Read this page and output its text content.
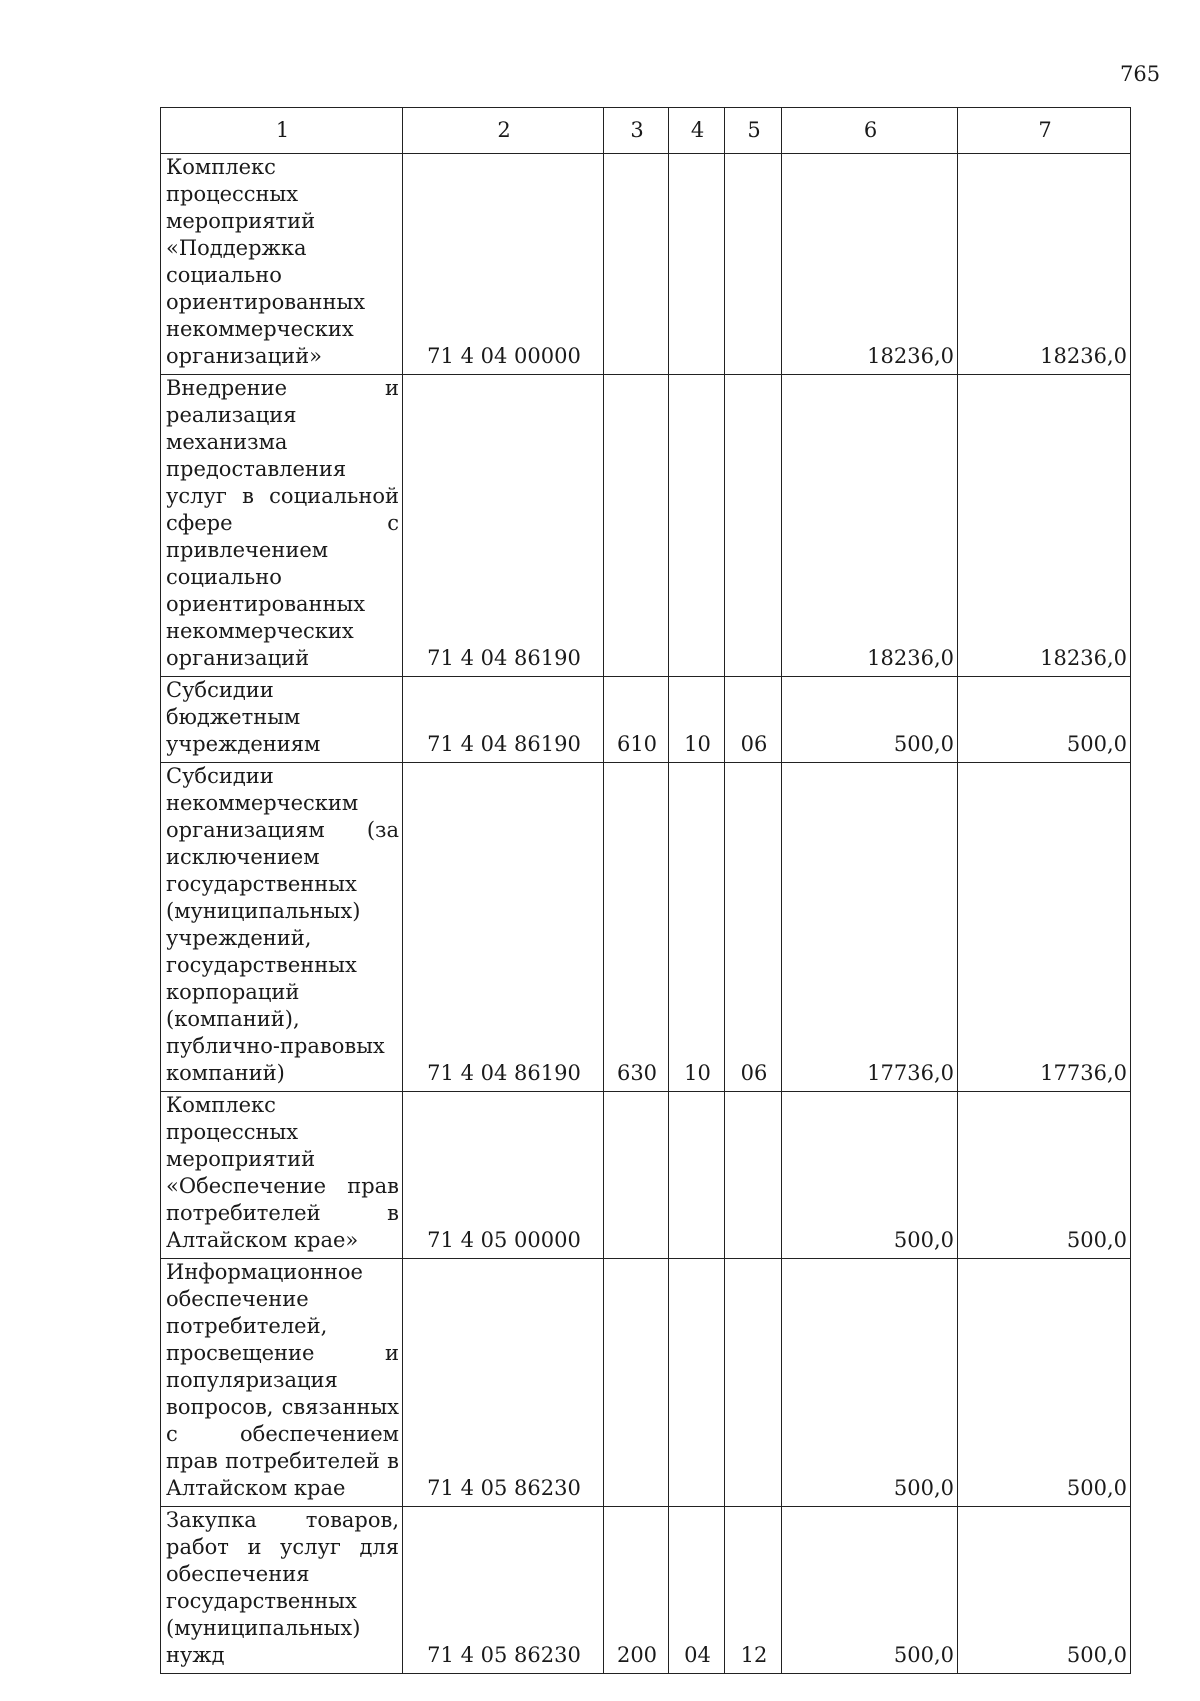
765
1	2	3	4	5	6	7
Комплекс процессных мероприятий «Поддержка социально ориентированных некоммерческих организаций»	71 4 04 00000				18236,0	18236,0
Внедрение и реализация механизма предоставления услуг в социальной сфере с привлечением социально ориентированных некоммерческих организаций	71 4 04 86190				18236,0	18236,0
Субсидии бюджетным учреждениям	71 4 04 86190	610	10	06	500,0	500,0
Субсидии некоммерческим организациям (за исключением государственных (муниципальных) учреждений, государственных корпораций (компаний), публично-правовых компаний)	71 4 04 86190	630	10	06	17736,0	17736,0
Комплекс процессных мероприятий «Обеспечение прав потребителей в Алтайском крае»	71 4 05 00000				500,0	500,0
Информационное обеспечение потребителей, просвещение и популяризация вопросов, связанных с обеспечением прав потребителей в Алтайском крае	71 4 05 86230				500,0	500,0
Закупка товаров, работ и услуг для обеспечения государственных (муниципальных) нужд	71 4 05 86230	200	04	12	500,0	500,0
